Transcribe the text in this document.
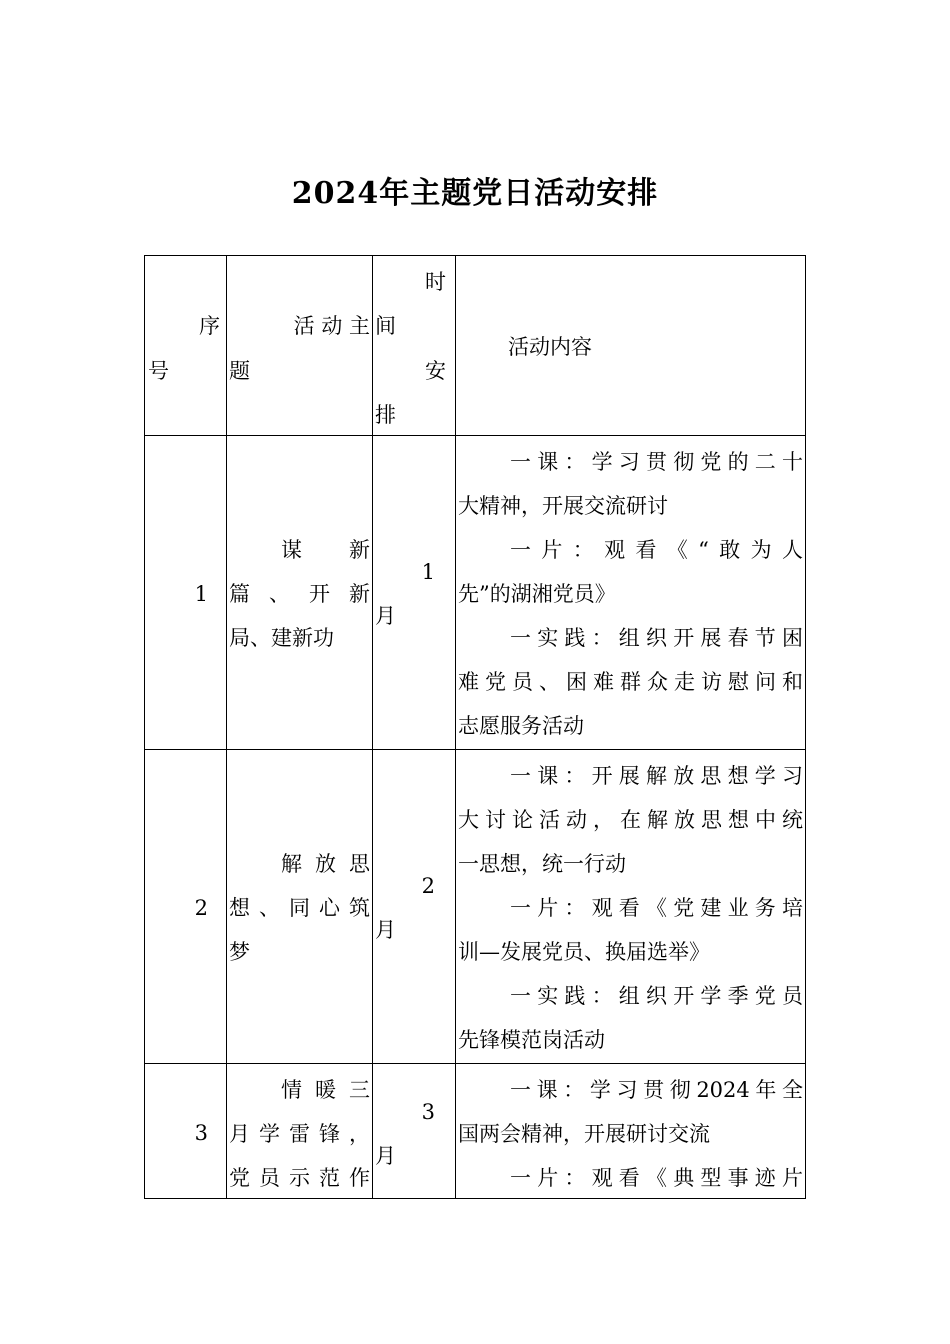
2024年主题党日活动安排
序
号
活 动 主
题
时
间
安
排
活动内容
1
谋　　新
篇 、 开 新
局、建新功
1
月
一课：学习贯彻党的二十
大精神，开展交流研讨
一片：观看《“敢为人
先”的湖湘党员》
一实践：组织开展春节困
难党员、困难群众走访慰问和
志愿服务活动
2
解 放 思
想 、 同 心 筑
梦
2
月
一课：开展解放思想学习
大讨论活动，在解放思想中统
一思想，统一行动
一片：观看《党建业务培
训—发展党员、换届选举》
一实践：组织开学季党员
先锋模范岗活动
3
情 暖 三
月 学 雷 锋 ，
党 员 示 范 作
3
月
一课：学习贯彻2024年全
国两会精神，开展研讨交流
一片：观看《典型事迹片
